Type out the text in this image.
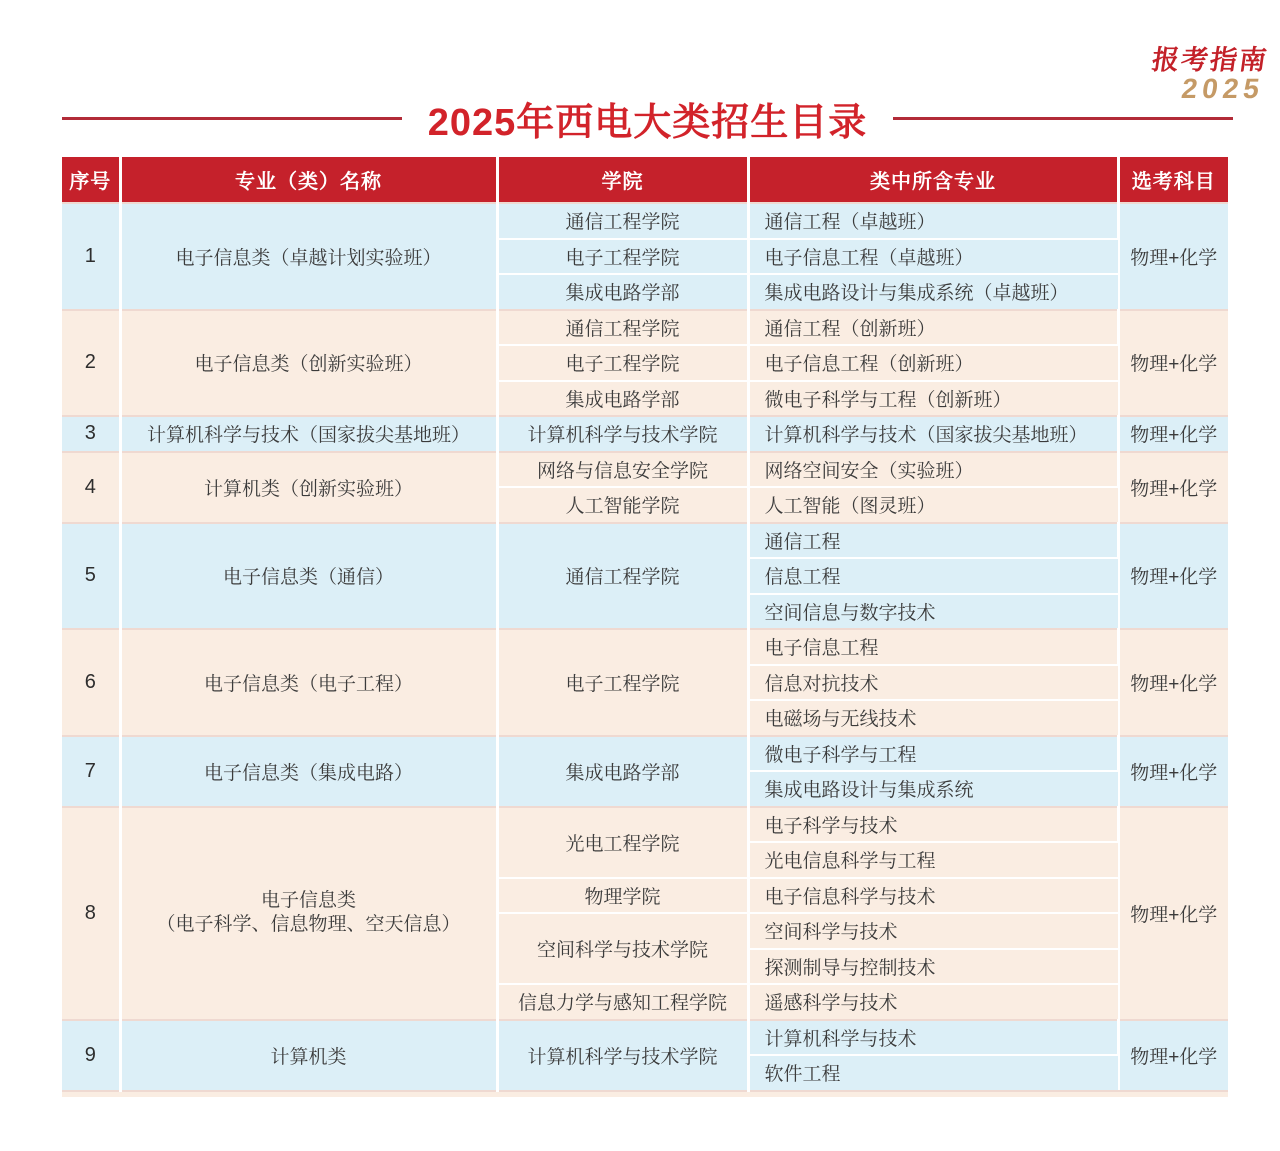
报考指南
2025
2025年西电大类招生目录
序号	专业（类）名称	学院	类中所含专业	选考科目
1	电子信息类（卓越计划实验班）	通信工程学院	通信工程（卓越班）	物理+化学
		电子工程学院	电子信息工程（卓越班）	
		集成电路学部	集成电路设计与集成系统（卓越班）	
2	电子信息类（创新实验班）	通信工程学院	通信工程（创新班）	物理+化学
		电子工程学院	电子信息工程（创新班）	
		集成电路学部	微电子科学与工程（创新班）	
3	计算机科学与技术（国家拔尖基地班）	计算机科学与技术学院	计算机科学与技术（国家拔尖基地班）	物理+化学
4	计算机类（创新实验班）	网络与信息安全学院	网络空间安全（实验班）	物理+化学
		人工智能学院	人工智能（图灵班）	
5	电子信息类（通信）	通信工程学院	通信工程	物理+化学
			信息工程	
			空间信息与数字技术	
6	电子信息类（电子工程）	电子工程学院	电子信息工程	物理+化学
			信息对抗技术	
			电磁场与无线技术	
7	电子信息类（集成电路）	集成电路学部	微电子科学与工程	物理+化学
			集成电路设计与集成系统	
8	电子信息类
（电子科学、信息物理、空天信息）	光电工程学院	电子科学与技术	物理+化学
			光电信息科学与工程	
		物理学院	电子信息科学与技术	
		空间科学与技术学院	空间科学与技术	
			探测制导与控制技术	
		信息力学与感知工程学院	遥感科学与技术	
9	计算机类	计算机科学与技术学院	计算机科学与技术	物理+化学
			软件工程	
